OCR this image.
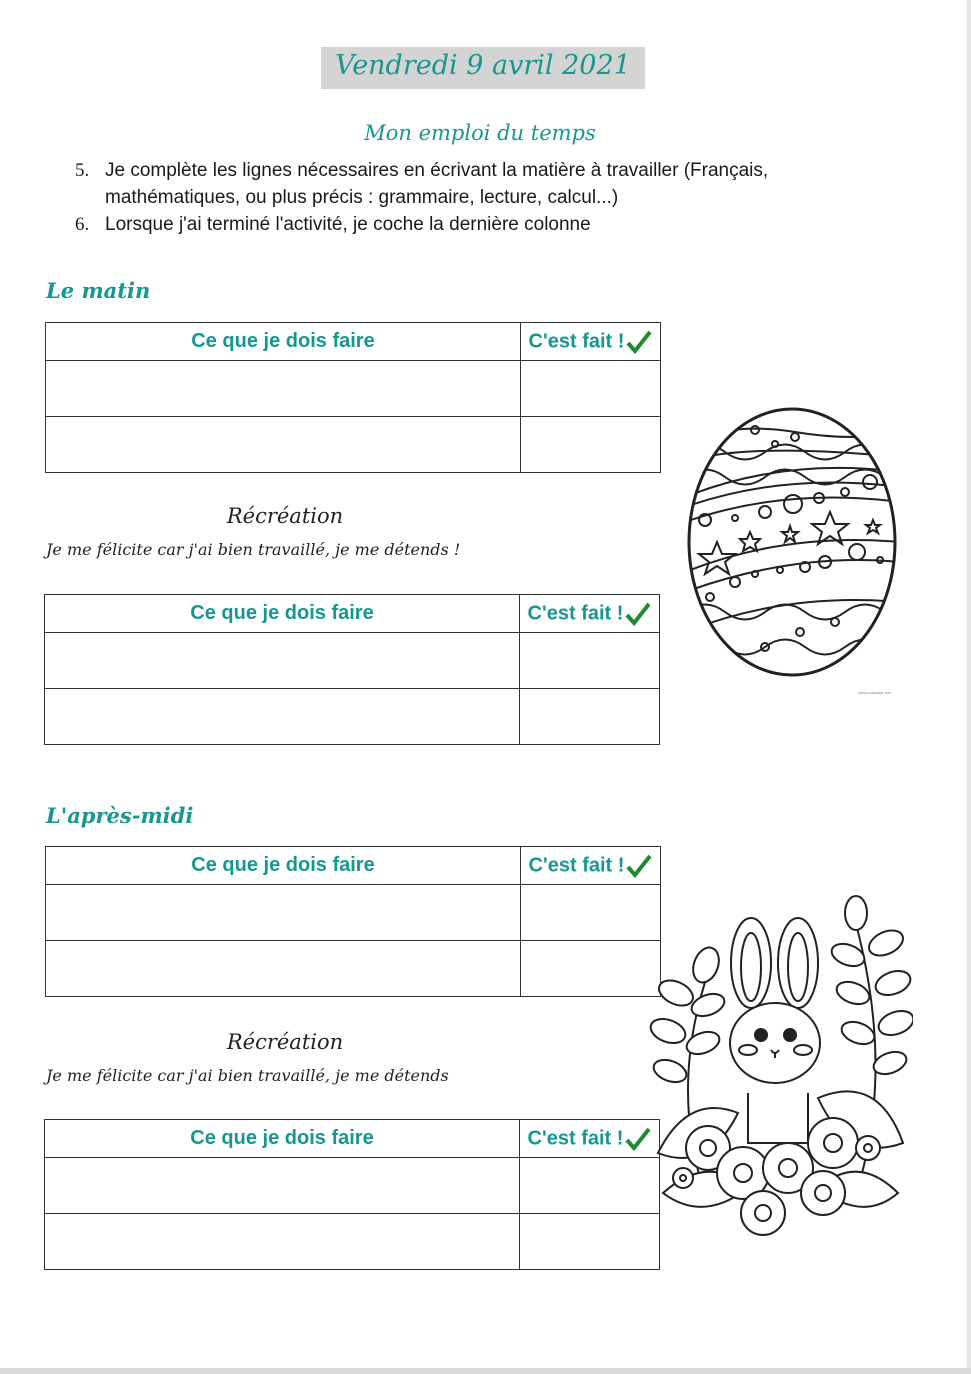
Vendredi 9 avril 2021
Mon emploi du temps
5. Je complète les lignes nécessaires en écrivant la matière à travailler (Français,
mathématiques, ou plus précis : grammaire, lecture, calcul...)
6. Lorsque j'ai terminé l'activité, je coche la dernière colonne
Le matin
Ce que je dois faire	C'est fait !

Récréation
Je me félicite car j'ai bien travaillé, je me détends !
Ce que je dois faire	C'est fait !

L'après-midi
Ce que je dois faire	C'est fait !

Récréation
Je me félicite car j'ai bien travaillé, je me détends
Ce que je dois faire	C'est fait !

www.coloriage.info
